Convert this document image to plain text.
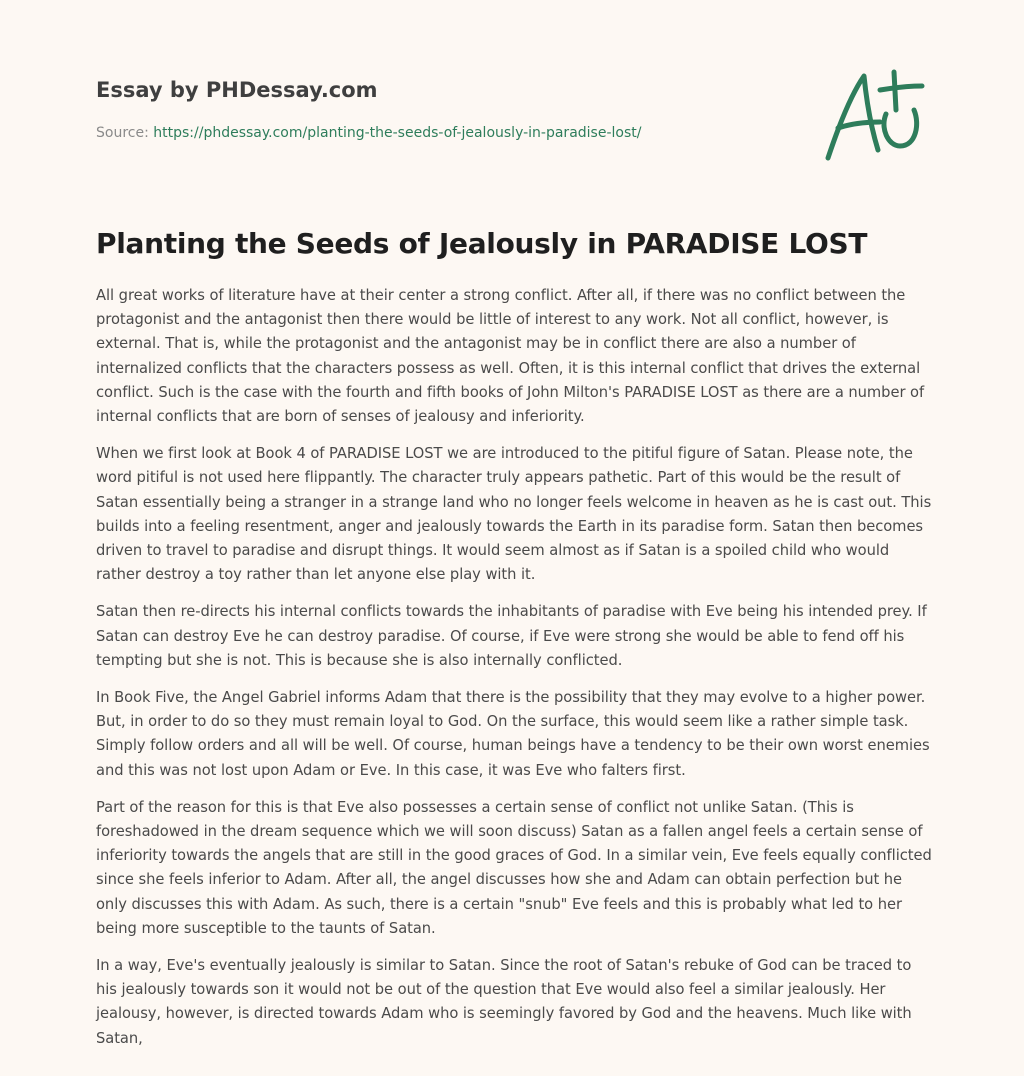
Essay by PHDessay.com
Source: https://phdessay.com/planting-the-seeds-of-jealously-in-paradise-lost/
Planting the Seeds of Jealously in PARADISE LOST

All great works of literature have at their center a strong conflict. After all, if there was no conflict between the protagonist and the antagonist then there would be little of interest to any work. Not all conflict, however, is external. That is, while the protagonist and the antagonist may be in conflict there are also a number of internalized conflicts that the characters possess as well. Often, it is this internal conflict that drives the external conflict. Such is the case with the fourth and fifth books of John Milton's PARADISE LOST as there are a number of internal conflicts that are born of senses of jealousy and inferiority.

When we first look at Book 4 of PARADISE LOST we are introduced to the pitiful figure of Satan. Please note, the word pitiful is not used here flippantly. The character truly appears pathetic. Part of this would be the result of Satan essentially being a stranger in a strange land who no longer feels welcome in heaven as he is cast out. This builds into a feeling resentment, anger and jealously towards the Earth in its paradise form. Satan then becomes driven to travel to paradise and disrupt things. It would seem almost as if Satan is a spoiled child who would rather destroy a toy rather than let anyone else play with it.

Satan then re-directs his internal conflicts towards the inhabitants of paradise with Eve being his intended prey. If Satan can destroy Eve he can destroy paradise. Of course, if Eve were strong she would be able to fend off his tempting but she is not. This is because she is also internally conflicted.

In Book Five, the Angel Gabriel informs Adam that there is the possibility that they may evolve to a higher power. But, in order to do so they must remain loyal to God. On the surface, this would seem like a rather simple task. Simply follow orders and all will be well. Of course, human beings have a tendency to be their own worst enemies and this was not lost upon Adam or Eve. In this case, it was Eve who falters first.

Part of the reason for this is that Eve also possesses a certain sense of conflict not unlike Satan. (This is foreshadowed in the dream sequence which we will soon discuss) Satan as a fallen angel feels a certain sense of inferiority towards the angels that are still in the good graces of God. In a similar vein, Eve feels equally conflicted since she feels inferior to Adam. After all, the angel discusses how she and Adam can obtain perfection but he only discusses this with Adam. As such, there is a certain "snub" Eve feels and this is probably what led to her being more susceptible to the taunts of Satan.

In a way, Eve's eventually jealously is similar to Satan. Since the root of Satan's rebuke of God can be traced to his jealously towards son it would not be out of the question that Eve would also feel a similar jealously. Her jealousy, however, is directed towards Adam who is seemingly favored by God and the heavens. Much like with Satan,
